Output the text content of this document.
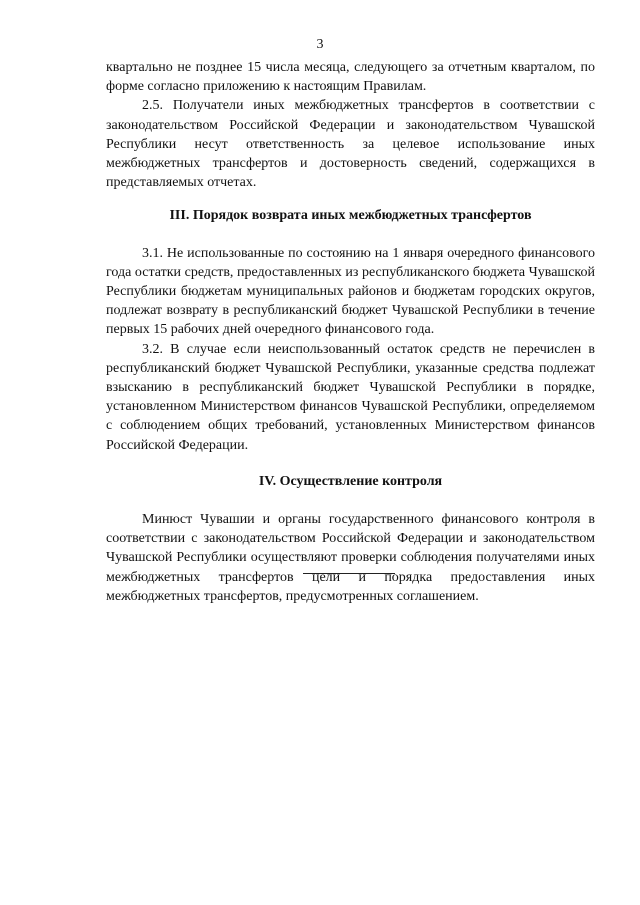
3

квартально не позднее 15 числа месяца, следующего за отчетным кварталом, по форме согласно приложению к настоящим Правилам.

2.5. Получатели иных межбюджетных трансфертов в соответствии с законодательством Российской Федерации и законодательством Чувашской Республики несут ответственность за целевое использование иных межбюджетных трансфертов и достоверность сведений, содержащихся в представляемых отчетах.

III. Порядок возврата иных межбюджетных трансфертов

3.1. Не использованные по состоянию на 1 января очередного финансового года остатки средств, предоставленных из республиканского бюджета Чувашской Республики бюджетам муниципальных районов и бюджетам городских округов, подлежат возврату в республиканский бюджет Чувашской Республики в течение первых 15 рабочих дней очередного финансового года.

3.2. В случае если неиспользованный остаток средств не перечислен в республиканский бюджет Чувашской Республики, указанные средства подлежат взысканию в республиканский бюджет Чувашской Республики в порядке, установленном Министерством финансов Чувашской Республики, определяемом с соблюдением общих требований, установленных Министерством финансов Российской Федерации.

IV. Осуществление контроля

Минюст Чувашии и органы государственного финансового контроля в соответствии с законодательством Российской Федерации и законодательством Чувашской Республики осуществляют проверки соблюдения получателями иных межбюджетных трансфертов цели и порядка предоставления иных межбюджетных трансфертов, предусмотренных соглашением.
